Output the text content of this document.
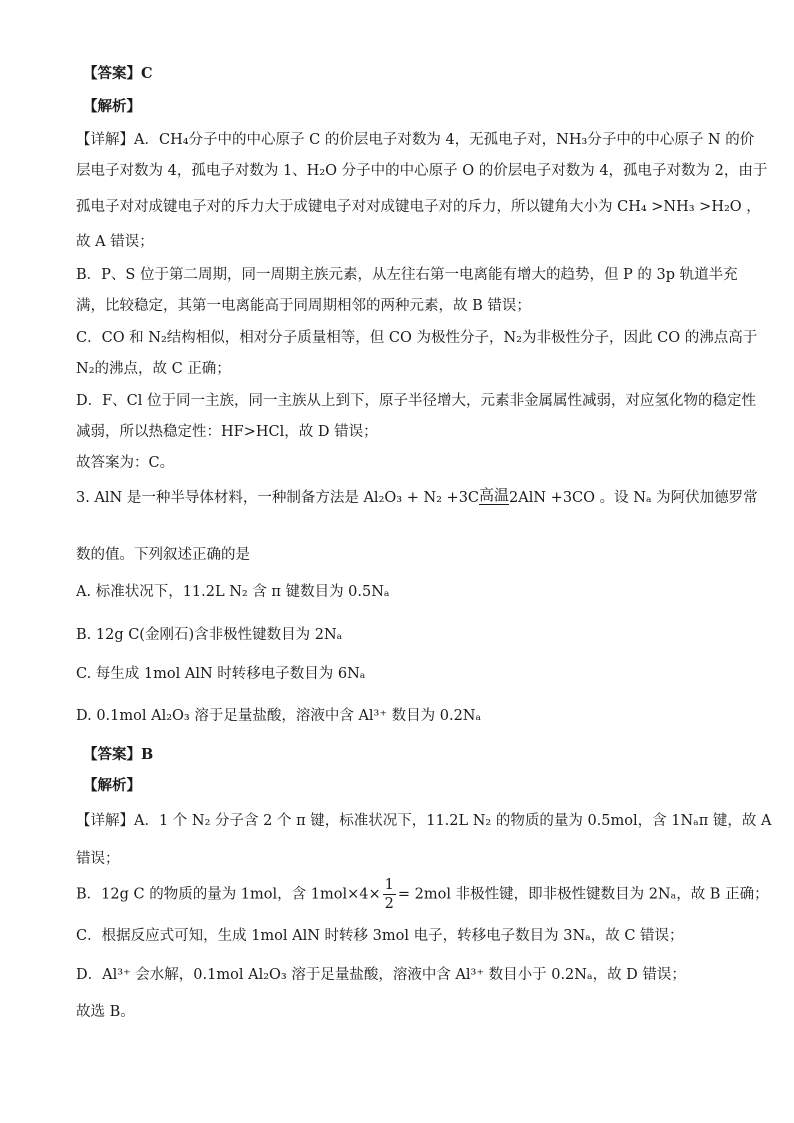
【答案】C
【解析】
【详解】A．CH₄分子中的中心原子 C 的价层电子对数为 4，无孤电子对，NH₃分子中的中心原子 N 的价
层电子对数为 4，孤电子对数为 1、H₂O 分子中的中心原子 O 的价层电子对数为 4，孤电子对数为 2，由于
孤电子对对成键电子对的斥力大于成键电子对对成键电子对的斥力，所以键角大小为 CH₄ >NH₃ >H₂O ，
故 A 错误；
B．P、S 位于第二周期，同一周期主族元素，从左往右第一电离能有增大的趋势，但 P 的 3p 轨道半充
满，比较稳定，其第一电离能高于同周期相邻的两种元素，故 B 错误；
C．CO 和 N₂结构相似，相对分子质量相等，但 CO 为极性分子，N₂为非极性分子，因此 CO 的沸点高于
N₂的沸点，故 C 正确；
D．F、Cl 位于同一主族，同一主族从上到下，原子半径增大，元素非金属属性减弱，对应氢化物的稳定性
减弱，所以热稳定性：HF>HCl，故 D 错误；
故答案为：C。
3. AlN 是一种半导体材料，一种制备方法是 Al₂O₃ + N₂ +3C 高温 2AlN +3CO 。设 Nₐ 为阿伏加德罗常
数的值。下列叙述正确的是
A. 标准状况下，11.2L N₂ 含 π 键数目为 0.5Nₐ
B. 12g C(金刚石)含非极性键数目为 2Nₐ
C. 每生成 1mol AlN 时转移电子数目为 6Nₐ
D. 0.1mol Al₂O₃ 溶于足量盐酸，溶液中含 Al³⁺ 数目为 0.2Nₐ
【答案】B
【解析】
【详解】A．1 个 N₂ 分子含 2 个 π 键，标准状况下，11.2L N₂ 的物质的量为 0.5mol，含 1Nₐπ 键，故 A
错误；
B．12g C 的物质的量为 1mol，含 $1mol\times 4\times \frac{1}{2} = 2mol$ 非极性键，即非极性键数目为 2Nₐ，故 B 正确；
C．根据反应式可知，生成 1mol AlN 时转移 3mol 电子，转移电子数目为 3Nₐ，故 C 错误；
D．Al³⁺ 会水解，0.1mol Al₂O₃ 溶于足量盐酸，溶液中含 Al³⁺ 数目小于 0.2Nₐ，故 D 错误；
故选 B。
